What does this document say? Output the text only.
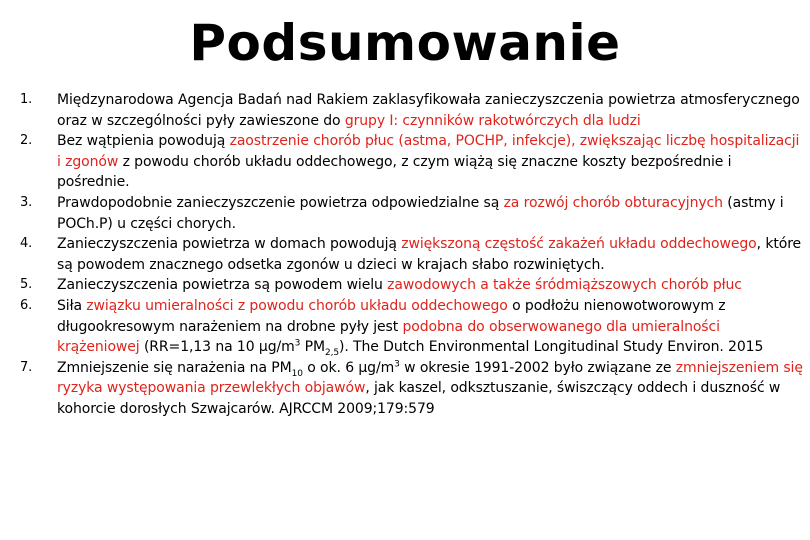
Podsumowanie
1.	Międzynarodowa Agencja Badań nad Rakiem zaklasyfikowała zanieczyszczenia powietrza atmosferycznego oraz w szczególności pyły zawieszone do grupy I: czynników rakotwórczych dla ludzi
2.	Bez wątpienia powodują zaostrzenie chorób płuc (astma, POCHP, infekcje), zwiększając liczbę hospitalizacji i zgonów z powodu chorób układu oddechowego, z czym wiążą się znaczne koszty bezpośrednie i pośrednie.
3.	Prawdopodobnie zanieczyszczenie powietrza odpowiedzialne są za rozwój chorób obturacyjnych (astmy i POCh.P) u części chorych.
4.	Zanieczyszczenia powietrza w domach powodują zwiększoną częstość zakażeń układu oddechowego, które są powodem znacznego odsetka zgonów u dzieci w krajach słabo rozwiniętych.
5.	Zanieczyszczenia powietrza są powodem wielu zawodowych a także śródmiąższowych chorób płuc
6.	Siła związku umieralności z powodu chorób układu oddechowego o podłożu nienowotworowym z długookresowym narażeniem na drobne pyły jest podobna do obserwowanego dla umieralności krążeniowej (RR=1,13 na 10 $\mu g/m^3$ $PM_{2,5}$). The Dutch Environmental Longitudinal Study Environ. 2015
7.	Zmniejszenie się narażenia na $PM_{10}$ o ok. 6 $\mu g/m^3$ w okresie 1991-2002 było związane ze zmniejszeniem się ryzyka występowania przewlekłych objawów, jak kaszel, odksztuszanie, świszczący oddech i duszność w kohorcie dorosłych Szwajcarów. AJRCCM 2009;179:579
